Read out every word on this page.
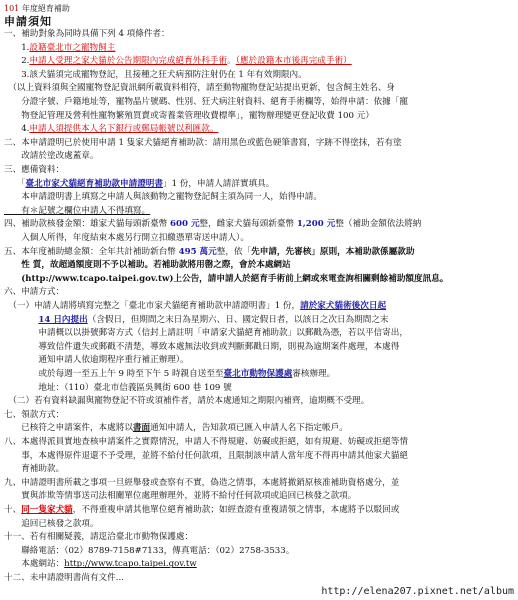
101 年度絕育補助
申請須知
一、補助對象為同時具備下列 4 項條件者：
　　1.設籍臺北市之寵物飼主
　　2.申請人受理之家犬貓於公告期限內完成絕育外科手術。（應於設籍本市後再完成手術）
　　3.該犬貓須完成寵物登記，且接種之狂犬病預防注射仍在 1 年有效期限內。
　（以上資料須與全國寵物登記資訊網所載資料相符，請至動物寵物登記站提出更新，包含飼主姓名、身
　　分證字號、戶籍地址等，寵物晶片號碼、性別、狂犬病注射資料、絕育手術欄等，始得申請：依據「寵
　　物登記管理及營利性寵物繁殖買賣或寄養業管理收費標準」，寵物辦理變更登記收費 100 元）
　　4.申請人須提供本人名下銀行或郵局帳號以利匯款。
二、本申請證明已於使用申請 1 隻家犬貓絕育補助款：請用黑色或藍色硬筆書寫，字跡不得塗抹，若有塗
　　改請於塗改處蓋章。
三、應備資料：
　　「臺北市家犬貓絕育補助款申請證明書」1 份，申請人請詳實填具。
　　本申請證明書上填寫之申請人與該動物之寵物登記飼主須為同一人，始得申請。
　　有＊記號之欄位申請人不得填寫。
四、補助款核發金額：雄家犬貓每頭新臺幣 600 元整，雌家犬貓每頭新臺幣 1,200 元整（補助金額依法將納
　　入個人所得，年度結束本處另行開立扣繳憑單寄送申請人）。
五、本年度補助總金額：全年共計補助新台幣 495 萬元整，依「先申請，先審核」原則，本補助款係屬款助
　　性 質，故超過額度則不予以補助。若補助款將用罄之際，會於本處網站
　　(http://www.tcapo.taipei.gov.tw)上公告，請申請人於絕育手術前上網或來電查詢相關剩餘補助額度訊息。
六、申請方式：
　（一）申請人請將填寫完整之「臺北市家犬貓絕育補助款申請證明書」1 份，請於家犬貓術後次日起
　　　　14 日內提出（含假日，但期間之末日為星期六、日、國定假日者，以該日之次日為期間之末
　　　　申請概以以掛號郵寄方式（信封上請註明「申請家犬貓絕育補助款」以郵戳為憑，若以平信寄出，
　　　　導致信件遺失或郵戳不清楚，導致本處無法收到或判斷郵戳日期，則視為逾期案件處理，本處得
　　　　通知申請人依逾期程序重行補正辦理）。
　　　　或於每週一至五上午 9 時至下午 5 時親自送至至臺北市動物保護處審核辦理。
　　　　地址：（110）臺北市信義區吳興街 600 巷 109 號
　（二）若有資料缺漏與寵物登記不符或須補件者，請於本處通知之期限內補齊，逾期概不受理。
七、領款方式：
　　已核符之申請案件，本處將以書面通知申請人，告知款項已匯入申請人名下指定帳戶。
八、本處得派員實地查核申請案件之實際情況，申請人不得規避、妨礙或拒絕，如有規避、妨礙或拒絕等情
　　事，本處得原件退還不予受理，並將不給付任何款項，且限制該申請人當年度不得再申請其他家犬貓絕
　　育補助款。
九、申請證明書所載之事項一旦經舉發或查察有不實，偽造之情事，本處將撤銷原核准補助資格處分，並
　　實與詐欺等情事送司法相關單位處理辦理外，並將不給付任何款項或追回已核發之款項。
十、同一隻家犬貓，不得重複申請其他單位絕育補助款；如經查證有重複請領之情事，本處將予以駁回或
　　追回已核發之款項。
十一、若有相關疑義，請逕洽臺北市動物保護處：
　　聯絡電話：（02）8789-7158#7133，傳真電話：（02）2758-3533。
　　本處網站：http://www.tcapo.taipei.gov.tw
十二、未申請證明書尚有文件...
http://elena207.pixnet.net/album
